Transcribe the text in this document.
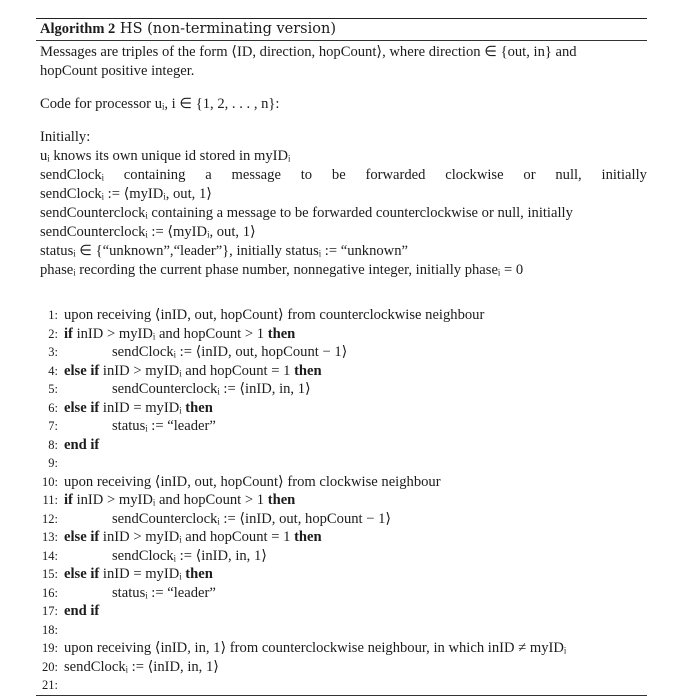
Algorithm 2 HS (non-terminating version)
Messages are triples of the form ⟨ID, direction, hopCount⟩, where direction ∈ {out, in} and
hopCount positive integer.
Code for processor uᵢ, i ∈ {1, 2, . . . , n}:
Initially:
uᵢ knows its own unique id stored in myIDᵢ
sendClockᵢ containing a message to be forwarded clockwise or null, initially
sendClockᵢ := ⟨myIDᵢ, out, 1⟩
sendCounterclockᵢ containing a message to be forwarded counterclockwise or null, initially
sendCounterclockᵢ := ⟨myIDᵢ, out, 1⟩
statusᵢ ∈ {“unknown”,“leader”}, initially statusᵢ := “unknown”
phaseᵢ recording the current phase number, nonnegative integer, initially phaseᵢ = 0
1: upon receiving ⟨inID, out, hopCount⟩ from counterclockwise neighbour
2: if inID > myIDᵢ and hopCount > 1 then
3:	sendClockᵢ := ⟨inID, out, hopCount − 1⟩
4: else if inID > myIDᵢ and hopCount = 1 then
5:	sendCounterclockᵢ := ⟨inID, in, 1⟩
6: else if inID = myIDᵢ then
7:	statusᵢ := “leader”
8: end if
9:
10: upon receiving ⟨inID, out, hopCount⟩ from clockwise neighbour
11: if inID > myIDᵢ and hopCount > 1 then
12:	sendCounterclockᵢ := ⟨inID, out, hopCount − 1⟩
13: else if inID > myIDᵢ and hopCount = 1 then
14:	sendClockᵢ := ⟨inID, in, 1⟩
15: else if inID = myIDᵢ then
16:	statusᵢ := “leader”
17: end if
18:
19: upon receiving ⟨inID, in, 1⟩ from counterclockwise neighbour, in which inID ≠ myIDᵢ
20: sendClockᵢ := ⟨inID, in, 1⟩
21:
